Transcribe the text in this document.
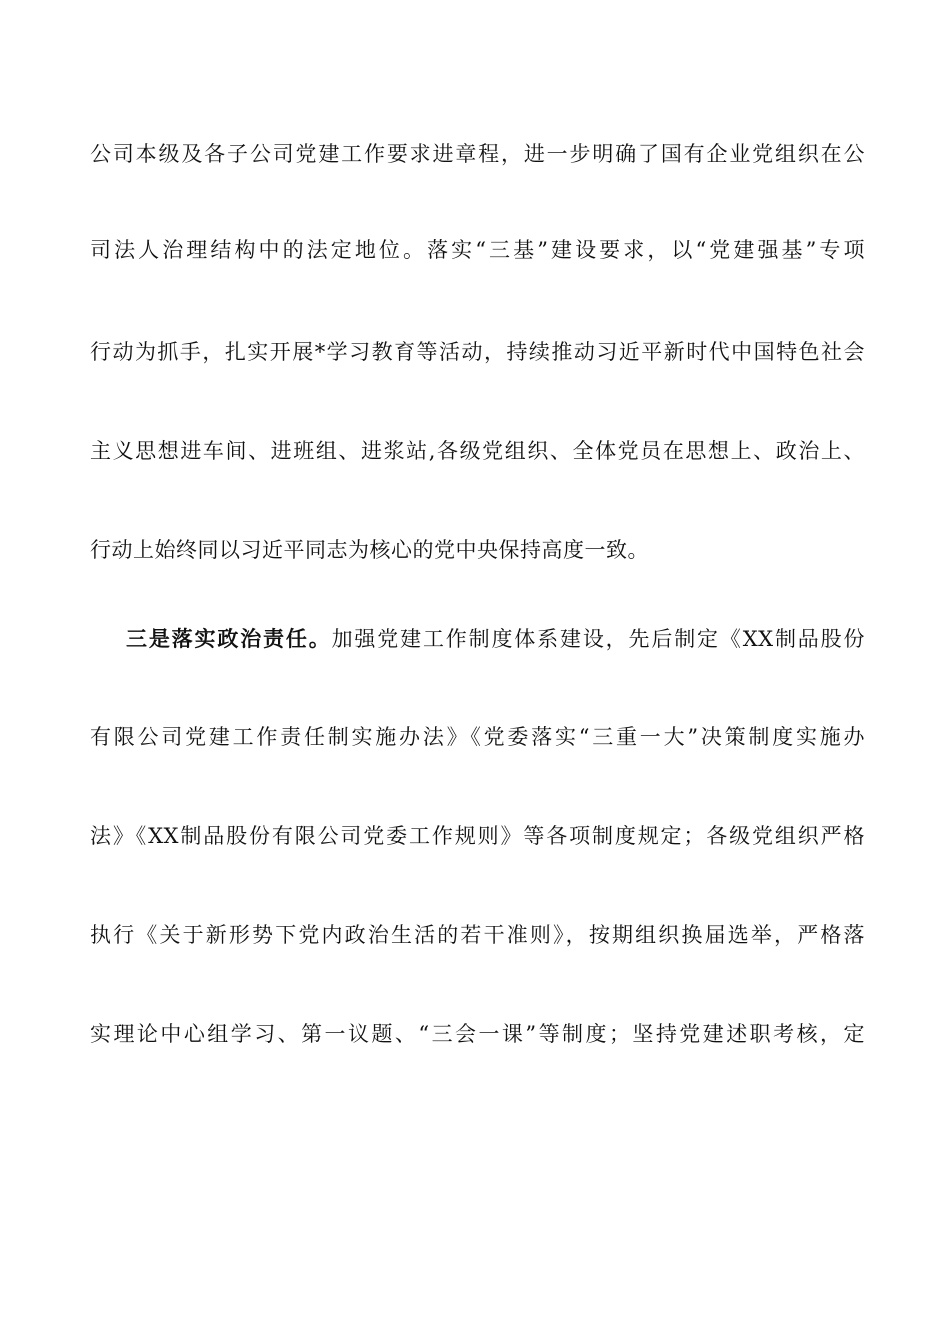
公司本级及各子公司党建工作要求进章程，进一步明确了国有企业党组织在公
司法人治理结构中的法定地位。落实“三基”建设要求，以“党建强基”专项
行动为抓手，扎实开展*学习教育等活动，持续推动习近平新时代中国特色社会
主义思想进车间、进班组、进浆站,各级党组织、全体党员在思想上、政治上、
行动上始终同以习近平同志为核心的党中央保持高度一致。
三是落实政治责任。加强党建工作制度体系建设，先后制定《XX制品股份
有限公司党建工作责任制实施办法》《党委落实“三重一大”决策制度实施办
法》《XX制品股份有限公司党委工作规则》等各项制度规定；各级党组织严格
执行《关于新形势下党内政治生活的若干准则》，按期组织换届选举，严格落
实理论中心组学习、第一议题、“三会一课”等制度；坚持党建述职考核，定
